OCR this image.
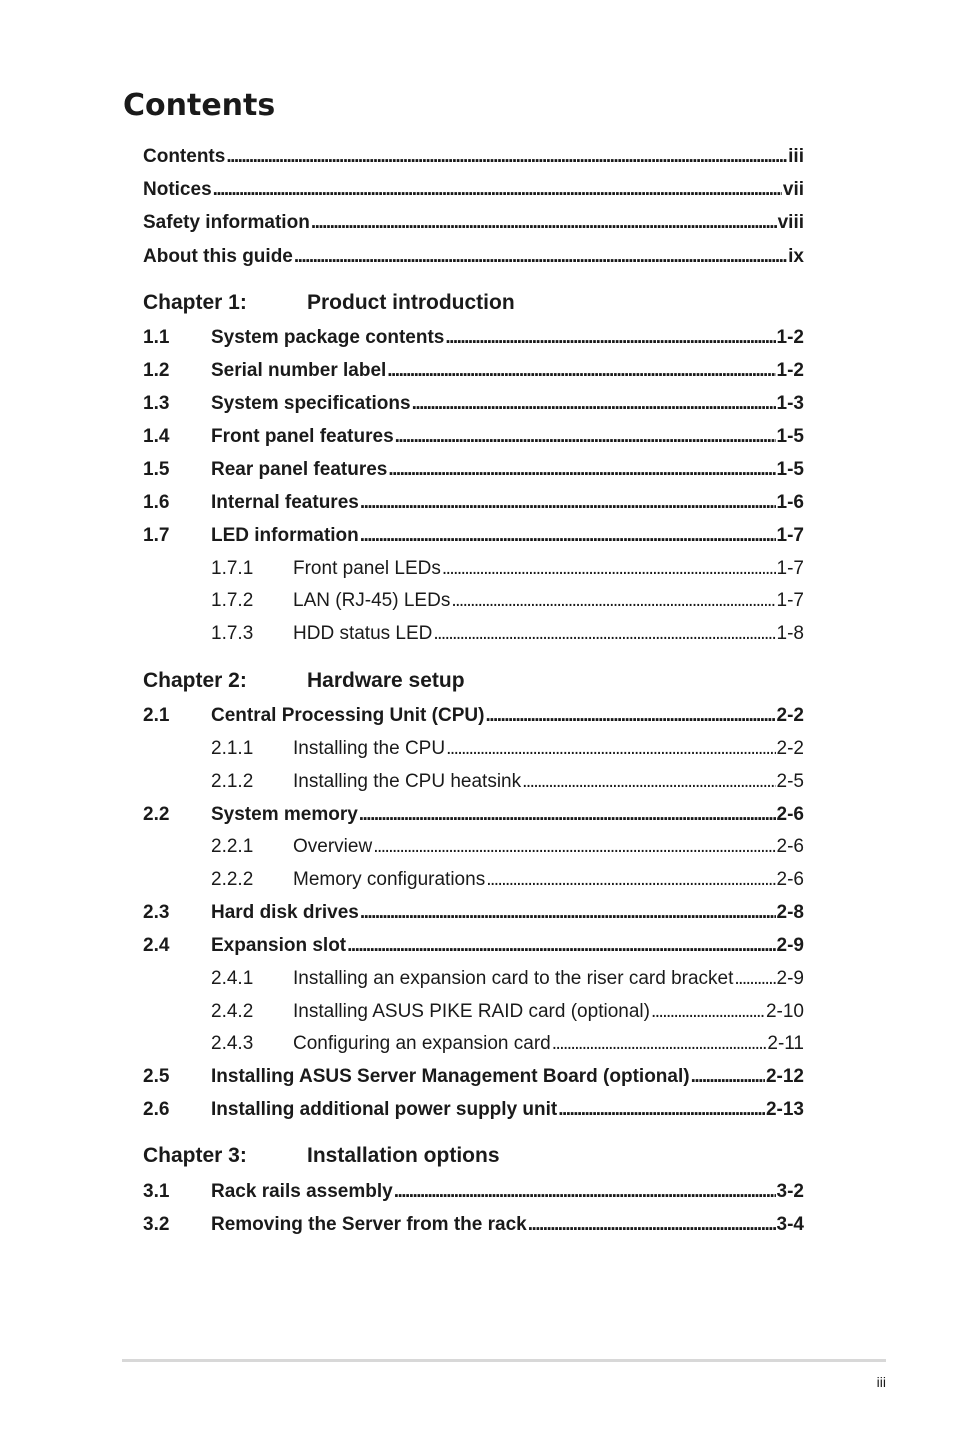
Contents
Contents . . .	iii
Notices . . .	vii
Safety information . . .	viii
About this guide . . .	ix
Chapter 1:	Product introduction
1.1	System package contents . . .	1-2
1.2	Serial number label . . .	1-2
1.3	System specifications . . .	1-3
1.4	Front panel features . . .	1-5
1.5	Rear panel features . . .	1-5
1.6	Internal features . . .	1-6
1.7	LED information . . .	1-7
1.7.1	Front panel LEDs . . .	1-7
1.7.2	LAN (RJ-45) LEDs . . .	1-7
1.7.3	HDD status LED . . .	1-8
Chapter 2:	Hardware setup
2.1	Central Processing Unit (CPU) . . .	2-2
2.1.1	Installing the CPU . . .	2-2
2.1.2	Installing the CPU heatsink . . .	2-5
2.2	System memory . . .	2-6
2.2.1	Overview . . .	2-6
2.2.2	Memory configurations . . .	2-6
2.3	Hard disk drives . . .	2-8
2.4	Expansion slot . . .	2-9
2.4.1	Installing an expansion card to the riser card bracket . . . 2-9
2.4.2	Installing ASUS PIKE RAID card (optional) . . .	2-10
2.4.3	Configuring an expansion card . . .	2-11
2.5	Installing ASUS Server Management Board (optional) . . .	2-12
2.6	Installing additional power supply unit . . .	2-13
Chapter 3:	Installation options
3.1	Rack rails assembly . . .	3-2
3.2	Removing the Server from the rack . . .	3-4
iii
